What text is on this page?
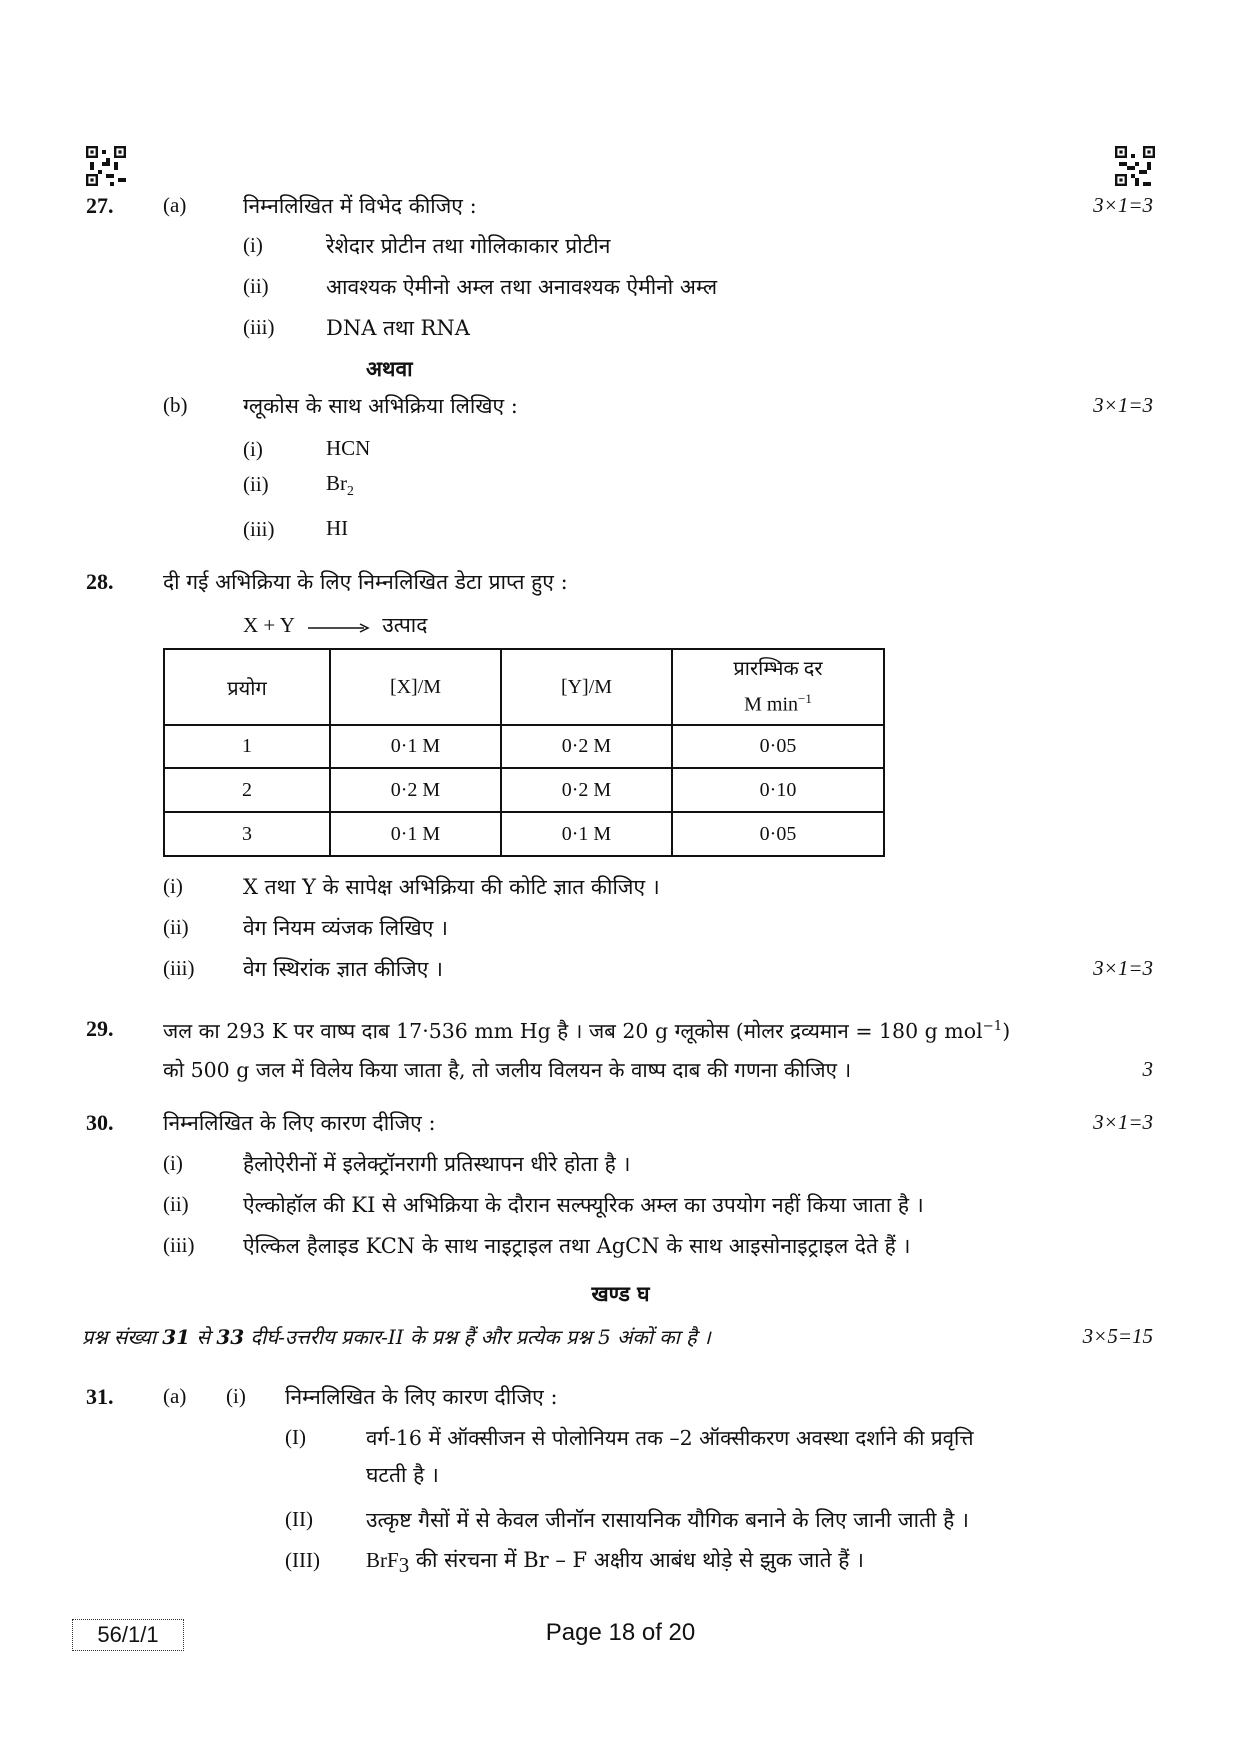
27. (a)	निम्नलिखित में विभेद कीजिए :	3×1=3
(i)	रेशेदार प्रोटीन तथा गोलिकाकार प्रोटीन
(ii)	आवश्यक ऐमीनो अम्ल तथा अनावश्यक ऐमीनो अम्ल
(iii) DNA तथा RNA
अथवा
(b)	ग्लूकोस के साथ अभिक्रिया लिखिए :	3×1=3
(i)	HCN
(ii)	$Br_2$
(iii) HI
28. दी गई अभिक्रिया के लिए निम्नलिखित डेटा प्राप्त हुए :
X + Y	उत्पाद
प्रयोग	[X]/M	[Y]/M	प्रारम्भिक दर
M $\min^{-1}$

1	0·1 M	0·2 M	0·05
2	0·2 M	0·2 M	0·10
3	0·1 M	0·1 M	0·05
(i)	X तथा Y के सापेक्ष अभिक्रिया की कोटि ज्ञात कीजिए ।
(ii)	वेग नियम व्यंजक लिखिए ।
(iii) वेग स्थिरांक ज्ञात कीजिए ।	3×1=3
29. जल का 293 K पर वाष्प दाब 17·536 mm Hg है । जब 20 g ग्लूकोस (मोलर द्रव्यमान = 180 g mol$^{-1}$)
को 500 g जल में विलेय किया जाता है, तो जलीय विलयन के वाष्प दाब की गणना कीजिए ।	3
30. निम्नलिखित के लिए कारण दीजिए :	3×1=3
(i)	हैलोऐरीनों में इलेक्ट्रॉनरागी प्रतिस्थापन धीरे होता है ।
(ii)	ऐल्कोहॉल की KI से अभिक्रिया के दौरान सल्फ्यूरिक अम्ल का उपयोग नहीं किया जाता है ।
(iii) ऐल्किल हैलाइड KCN के साथ नाइट्राइल तथा AgCN के साथ आइसोनाइट्राइल देते हैं ।
खण्ड घ
प्रश्न संख्या 31 से 33 दीर्घ-उत्तरीय प्रकार-II के प्रश्न हैं और प्रत्येक प्रश्न 5 अंकों का है ।	3×5=15
31. (a) (i) निम्नलिखित के लिए कारण दीजिए :
(I)	वर्ग-16 में ऑक्सीजन से पोलोनियम तक –2 ऑक्सीकरण अवस्था दर्शाने की प्रवृत्ति
घटती है ।
(II)	उत्कृष्ट गैसों में से केवल जीनॉन रासायनिक यौगिक बनाने के लिए जानी जाती है ।
(III) BrF$_3$ की संरचना में Br – F अक्षीय आबंध थोड़े से झुक जाते हैं ।
56/1/1	Page 18 of 20
